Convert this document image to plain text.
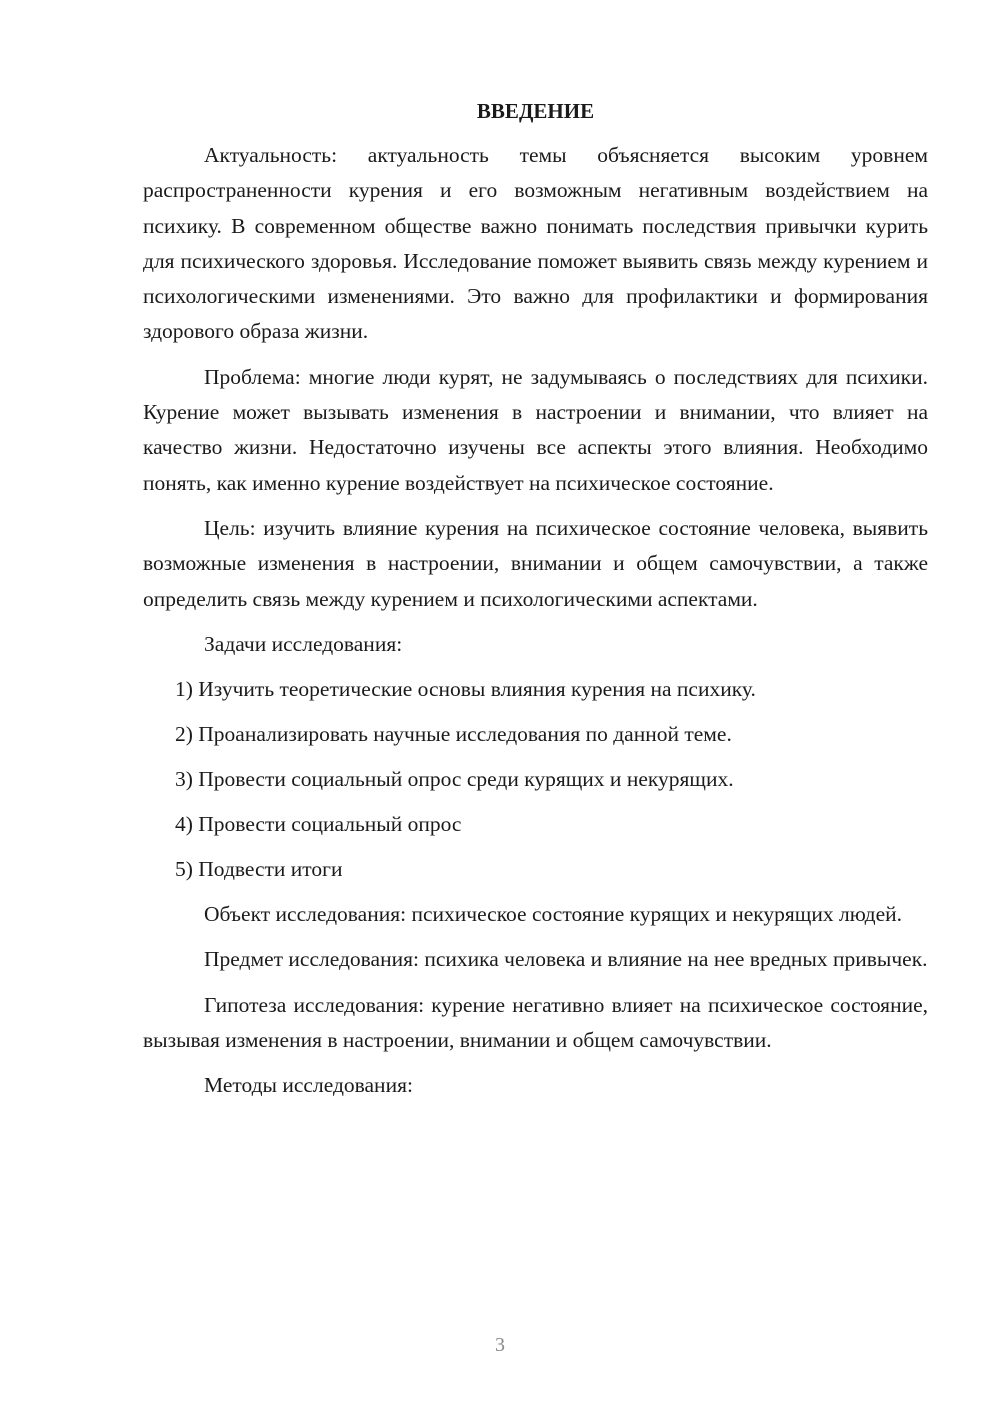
ВВЕДЕНИЕ

Актуальность: актуальность темы объясняется высоким уровнем распространенности курения и его возможным негативным воздействием на психику. В современном обществе важно понимать последствия привычки курить для психического здоровья. Исследование поможет выявить связь между курением и психологическими изменениями. Это важно для профилактики и формирования здорового образа жизни.

Проблема: многие люди курят, не задумываясь о последствиях для психики. Курение может вызывать изменения в настроении и внимании, что влияет на качество жизни. Недостаточно изучены все аспекты этого влияния. Необходимо понять, как именно курение воздействует на психическое состояние.

Цель: изучить влияние курения на психическое состояние человека, выявить возможные изменения в настроении, внимании и общем самочувствии, а также определить связь между курением и психологическими аспектами.

Задачи исследования:

1) Изучить теоретические основы влияния курения на психику.
2) Проанализировать научные исследования по данной теме.
3) Провести социальный опрос среди курящих и некурящих.
4) Провести социальный опрос
5) Подвести итоги

Объект исследования: психическое состояние курящих и некурящих людей.

Предмет исследования: психика человека и влияние на нее вредных привычек.

Гипотеза исследования: курение негативно влияет на психическое состояние, вызывая изменения в настроении, внимании и общем самочувствии.

Методы исследования:

3
